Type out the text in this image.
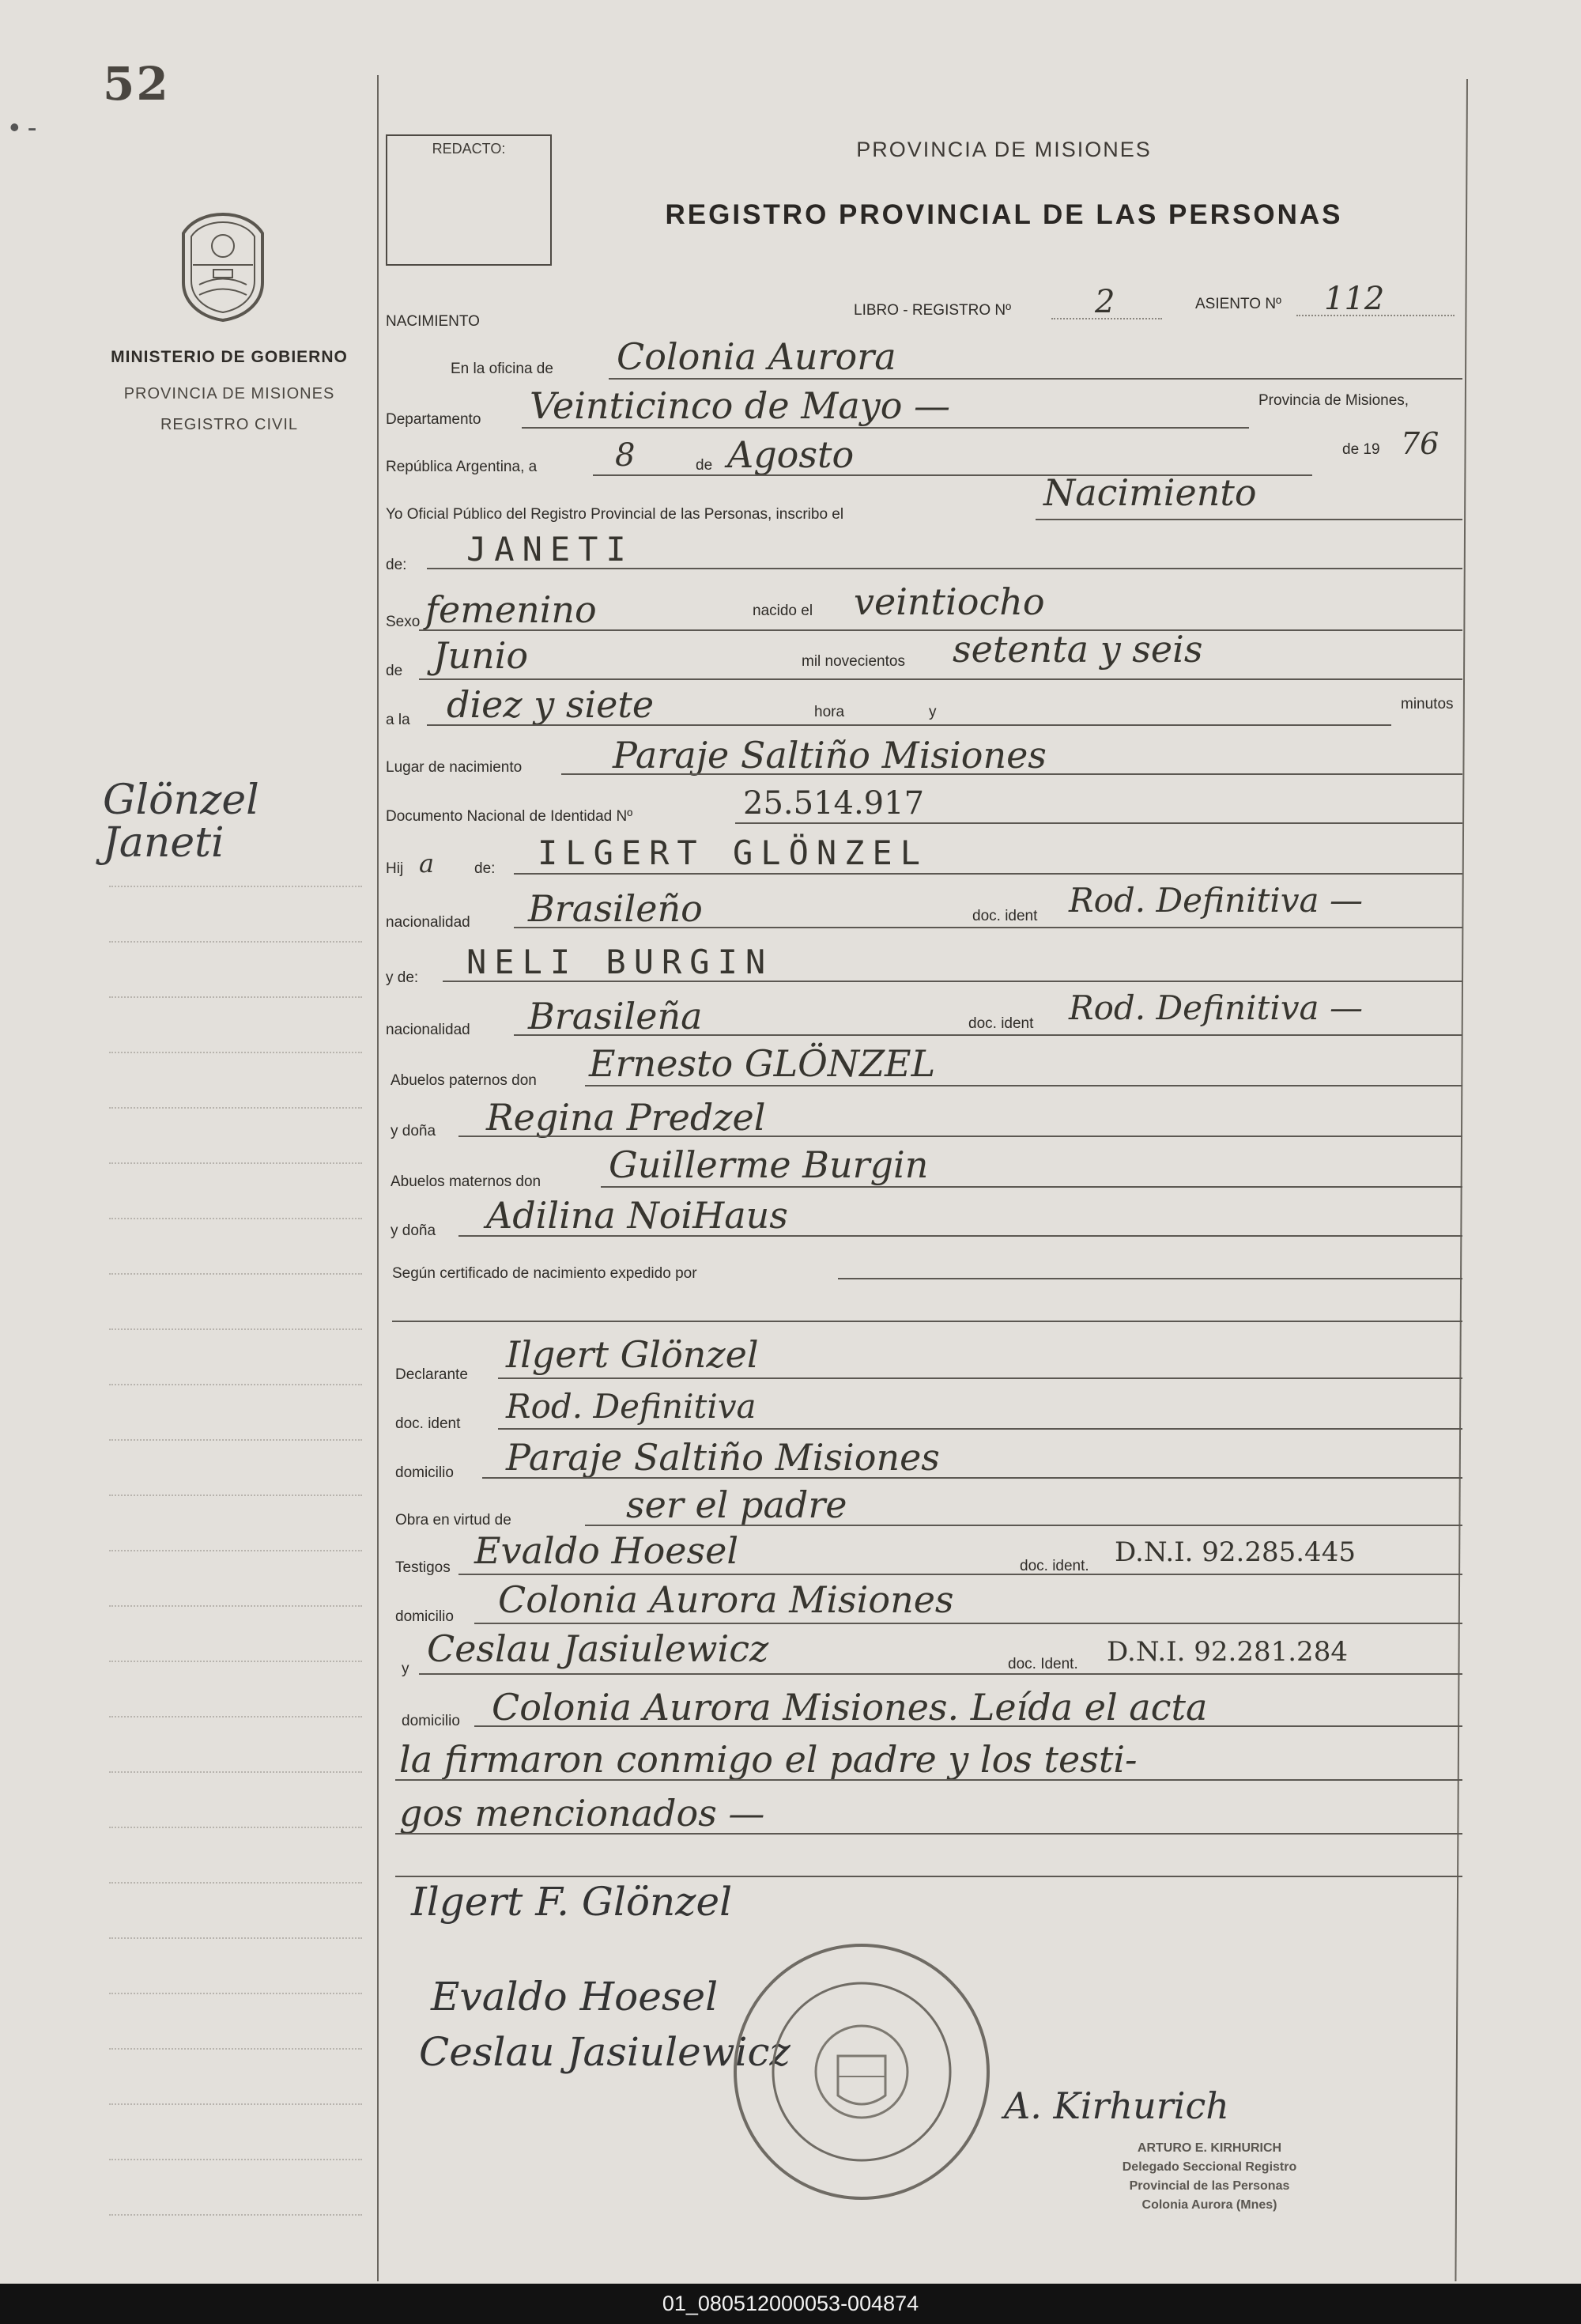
52
• -
MINISTERIO DE GOBIERNO
PROVINCIA DE MISIONES
REGISTRO CIVIL
Glönzel
Janeti
REDACTO:	PROVINCIA DE MISIONES
REGISTRO PROVINCIAL DE LAS PERSONAS
NACIMIENTO
LIBRO - REGISTRO Nº	2	ASIENTO Nº 112
En la oficina de Colonia Aurora
Departamento Veinticinco de Mayo —	Provincia de Misiones,
República Argentina, a 8	de Agosto	de 19 76
Yo Oficial Público del Registro Provincial de las Personas, inscribo el
Nacimiento
de: JANETI
Sexo femenino	nacido el veintiocho
de Junio	mil novecientos setenta y seis
a la diez y siete	hora	y	minutos
Lugar de nacimiento Paraje Saltiño Misiones
Documento Nacional de Identidad Nº	25.514.917
Hij a	de: ILGERT GLÖNZEL
nacionalidad Brasileño	doc. ident Rod. Definitiva —
y de: NELI BURGIN
nacionalidad Brasileña	doc. ident Rod. Definitiva —
Abuelos paternos don Ernesto GLÖNZEL
y doña Regina Predzel
Abuelos maternos don Guillerme Burgin
y doña Adilina NoiHaus
Según certificado de nacimiento expedido por
Declarante Ilgert Glönzel
doc. ident Rod. Definitiva
domicilio Paraje Saltiño Misiones
Obra en virtud de	ser el padre
Testigos Evaldo Hoesel	doc. ident. D.N.I. 92.285.445
domicilio Colonia Aurora Misiones
y Ceslau Jasiulewicz	doc. Ident. D.N.I. 92.281.284
domicilio Colonia Aurora Misiones. Leída el acta
la firmaron conmigo el padre y los testi-
gos mencionados —
Ilgert F. Glönzel
Evaldo Hoesel
Ceslau Jasiulewicz
A. Kirhurich
ARTURO E. KIRHURICH
Delegado Seccional Registro
Provincial de las Personas
Colonia Aurora (Mnes)
01_080512000053-004874
